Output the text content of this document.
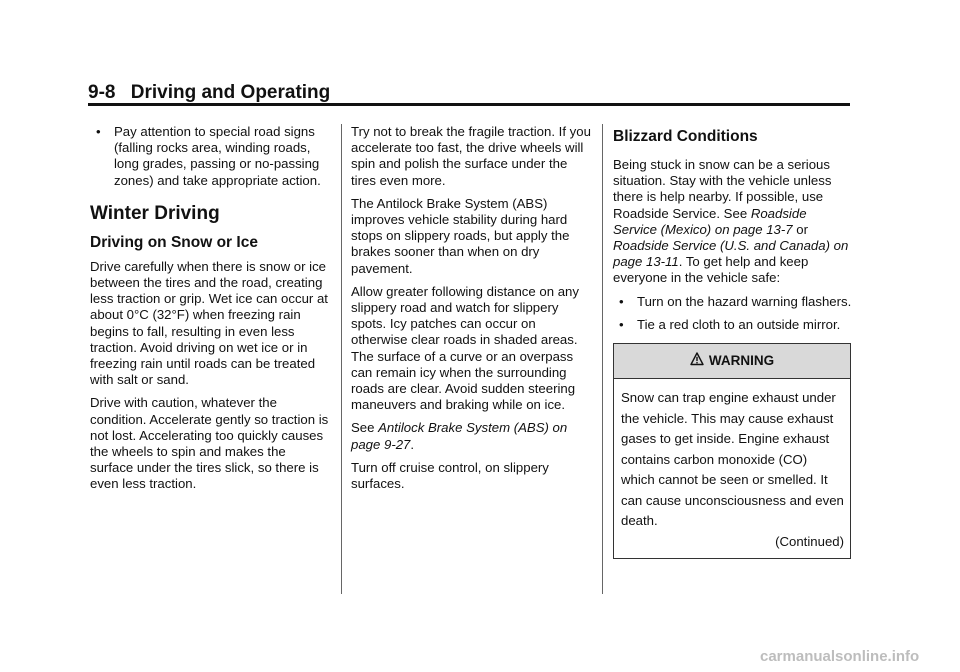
9-8 Driving and Operating
• Pay attention to special road signs (falling rocks area, winding roads, long grades, passing or no-passing zones) and take appropriate action.
Winter Driving
Driving on Snow or Ice

Drive carefully when there is snow or ice between the tires and the road, creating less traction or grip. Wet ice can occur at about 0°C (32°F) when freezing rain begins to fall, resulting in even less traction. Avoid driving on wet ice or in freezing rain until roads can be treated with salt or sand.

Drive with caution, whatever the condition. Accelerate gently so traction is not lost. Accelerating too quickly causes the wheels to spin and makes the surface under the tires slick, so there is even less traction.

Try not to break the fragile traction. If you accelerate too fast, the drive wheels will spin and polish the surface under the tires even more.

The Antilock Brake System (ABS) improves vehicle stability during hard stops on slippery roads, but apply the brakes sooner than when on dry pavement.

Allow greater following distance on any slippery road and watch for slippery spots. Icy patches can occur on otherwise clear roads in shaded areas. The surface of a curve or an overpass can remain icy when the surrounding roads are clear. Avoid sudden steering maneuvers and braking while on ice.

See Antilock Brake System (ABS) on page 9-27.

Turn off cruise control, on slippery surfaces.

Blizzard Conditions

Being stuck in snow can be a serious situation. Stay with the vehicle unless there is help nearby. If possible, use Roadside Service. See Roadside Service (Mexico) on page 13-7 or Roadside Service (U.S. and Canada) on page 13-11. To get help and keep everyone in the vehicle safe:

• Turn on the hazard warning flashers.
• Tie a red cloth to an outside mirror.
WARNING
Snow can trap engine exhaust under the vehicle. This may cause exhaust gases to get inside. Engine exhaust contains carbon monoxide (CO) which cannot be seen or smelled. It can cause unconsciousness and even death.
(Continued)
carmanualsonline.info
